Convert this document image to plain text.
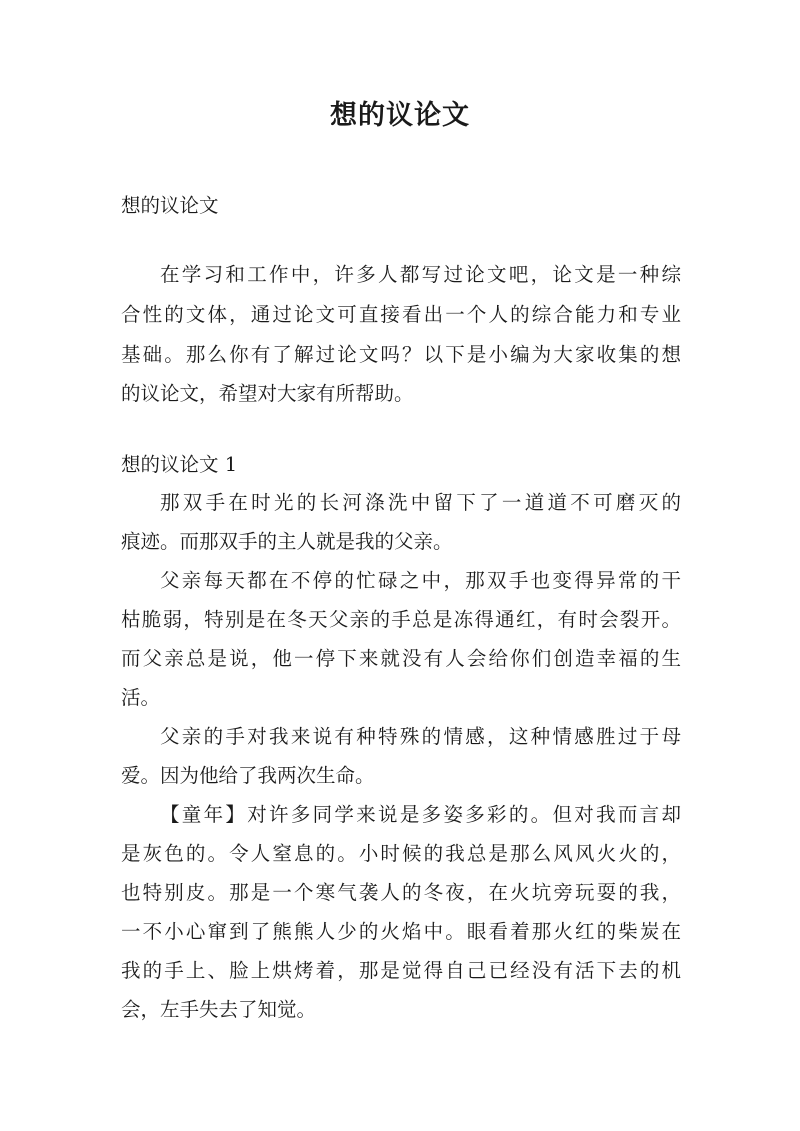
想的议论文
想的议论文
在学习和工作中，许多人都写过论文吧，论文是一种综
合性的文体，通过论文可直接看出一个人的综合能力和专业
基础。那么你有了解过论文吗？以下是小编为大家收集的想
的议论文，希望对大家有所帮助。
想的议论文 1
那双手在时光的长河涤洗中留下了一道道不可磨灭的
痕迹。而那双手的主人就是我的父亲。
父亲每天都在不停的忙碌之中，那双手也变得异常的干
枯脆弱，特别是在冬天父亲的手总是冻得通红，有时会裂开。
而父亲总是说，他一停下来就没有人会给你们创造幸福的生
活。
父亲的手对我来说有种特殊的情感，这种情感胜过于母
爱。因为他给了我两次生命。
【童年】对许多同学来说是多姿多彩的。但对我而言却
是灰色的。令人窒息的。小时候的我总是那么风风火火的，
也特别皮。那是一个寒气袭人的冬夜，在火坑旁玩耍的我，
一不小心窜到了熊熊人少的火焰中。眼看着那火红的柴炭在
我的手上、脸上烘烤着，那是觉得自己已经没有活下去的机
会，左手失去了知觉。
